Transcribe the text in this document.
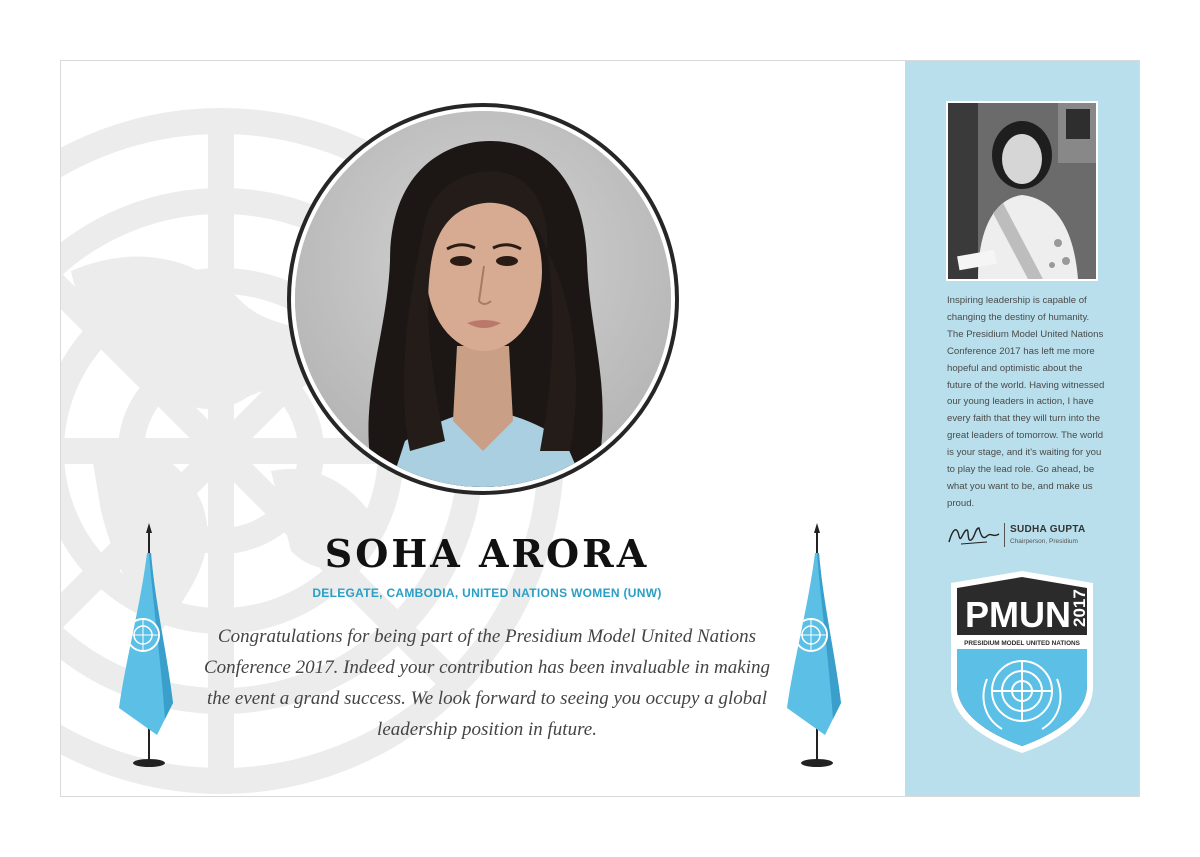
SOHA ARORA
DELEGATE, CAMBODIA, UNITED NATIONS WOMEN (UNW)
Congratulations for being part of the Presidium Model United Nations Conference 2017. Indeed your contribution has been invaluable in making the event a grand success. We look forward to seeing you occupy a global leadership position in future.
Inspiring leadership is capable of changing the destiny of humanity. The Presidium Model United Nations Conference 2017 has left me more hopeful and optimistic about the future of the world. Having witnessed our young leaders in action, I have every faith that they will turn into the great leaders of tomorrow. The world is your stage, and it's waiting for you to play the lead role. Go ahead, be what you want to be, and make us proud.
SUDHA GUPTA
Chairperson, Presidium
PMUN 2017
PRESIDIUM MODEL UNITED NATIONS
